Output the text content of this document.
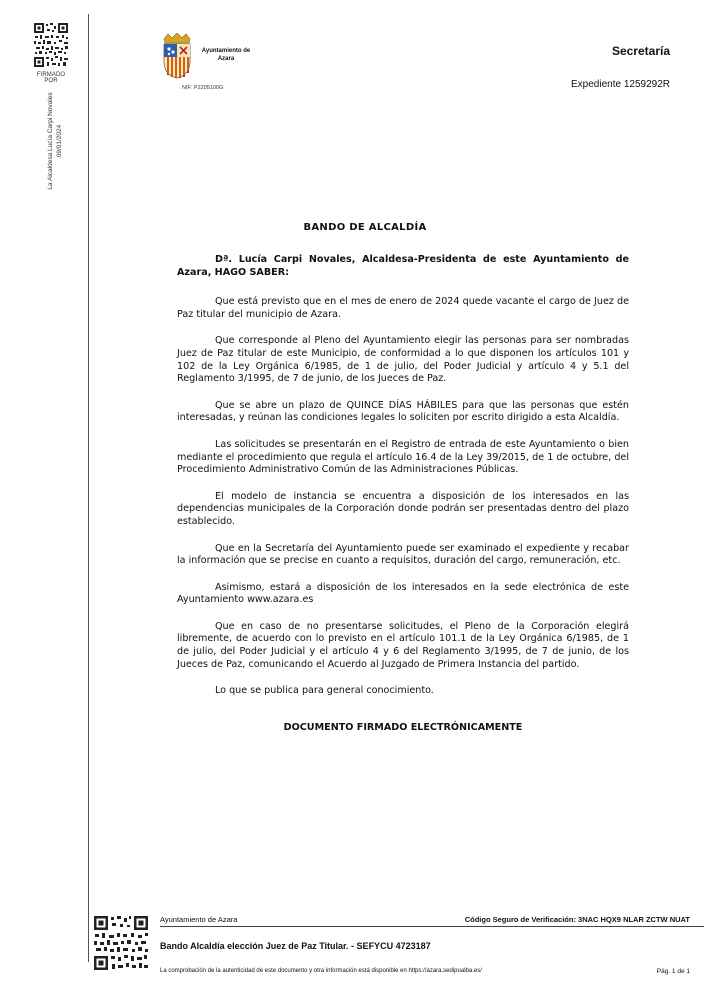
FIRMADO POR
La Alcaldesa Lucía Carpi Novales 09/01/2024
Ayuntamiento de
Azara
NIF: P2205100G
Secretaría
Expediente 1259292R
BANDO DE ALCALDÍA

Dª. Lucía Carpi Novales, Alcaldesa-Presidenta de este Ayuntamiento de Azara, HAGO SABER:

Que está previsto que en el mes de enero de 2024 quede vacante el cargo de Juez de Paz titular del municipio de Azara.

Que corresponde al Pleno del Ayuntamiento elegir las personas para ser nombradas Juez de Paz titular de este Municipio, de conformidad a lo que disponen los artículos 101 y 102 de la Ley Orgánica 6/1985, de 1 de julio, del Poder Judicial y artículo 4 y 5.1 del Reglamento 3/1995, de 7 de junio, de los Jueces de Paz.

Que se abre un plazo de QUINCE DÍAS HÁBILES para que las personas que estén interesadas, y reúnan las condiciones legales lo soliciten por escrito dirigido a esta Alcaldía.

Las solicitudes se presentarán en el Registro de entrada de este Ayuntamiento o bien mediante el procedimiento que regula el artículo 16.4 de la Ley 39/2015, de 1 de octubre, del Procedimiento Administrativo Común de las Administraciones Públicas.

El modelo de instancia se encuentra a disposición de los interesados en las dependencias municipales de la Corporación donde podrán ser presentadas dentro del plazo establecido.

Que en la Secretaría del Ayuntamiento puede ser examinado el expediente y recabar la información que se precise en cuanto a requisitos, duración del cargo, remuneración, etc.

Asimismo, estará a disposición de los interesados en la sede electrónica de este Ayuntamiento www.azara.es

Que en caso de no presentarse solicitudes, el Pleno de la Corporación elegirá libremente, de acuerdo con lo previsto en el artículo 101.1 de la Ley Orgánica 6/1985, de 1 de julio, del Poder Judicial y el artículo 4 y 6 del Reglamento 3/1995, de 7 de junio, de los Jueces de Paz, comunicando el Acuerdo al Juzgado de Primera Instancia del partido.

Lo que se publica para general conocimiento.

DOCUMENTO FIRMADO ELECTRÓNICAMENTE

Ayuntamiento de Azara	Código Seguro de Verificación: 3NAC HQX9 NLAR ZCTW NUAT
Bando Alcaldía elección Juez de Paz Titular. - SEFYCU 4723187
La comprobación de la autenticidad de este documento y otra información está disponible en https://azara.sedipualba.es/	Pág. 1 de 1
